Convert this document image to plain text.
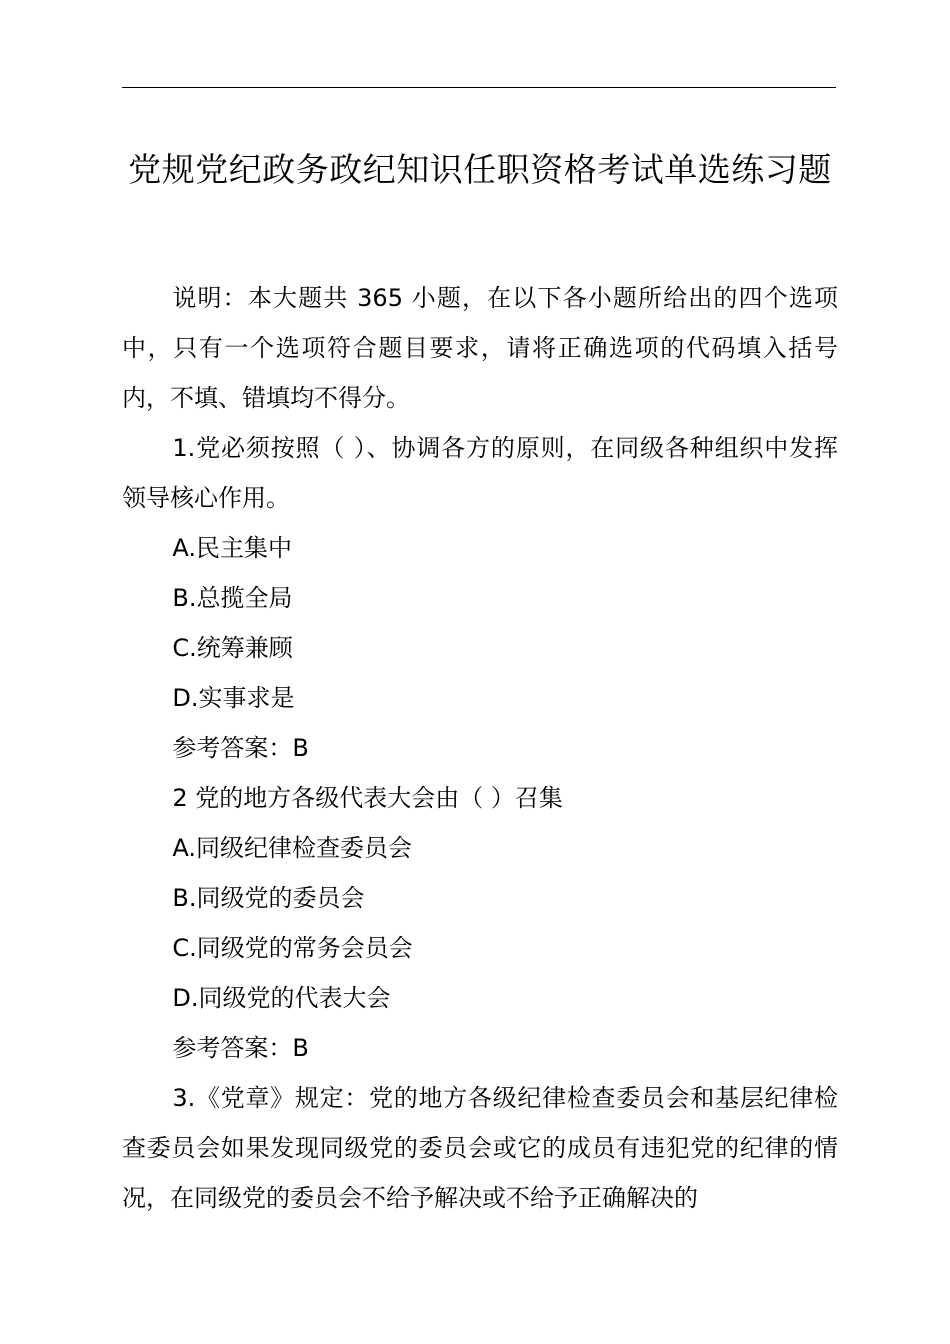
党规党纪政务政纪知识任职资格考试单选练习题

说明：本大题共 365 小题，在以下各小题所给出的四个选项中，只有一个选项符合题目要求，请将正确选项的代码填入括号内，不填、错填均不得分。

1.党必须按照（ ）、协调各方的原则，在同级各种组织中发挥领导核心作用。

A.民主集中

B.总揽全局

C.统筹兼顾

D.实事求是

参考答案：B

2 党的地方各级代表大会由（ ）召集

A.同级纪律检查委员会

B.同级党的委员会

C.同级党的常务会员会

D.同级党的代表大会

参考答案：B

3.《党章》规定：党的地方各级纪律检查委员会和基层纪律检查委员会如果发现同级党的委员会或它的成员有违犯党的纪律的情况，在同级党的委员会不给予解决或不给予正确解决的
